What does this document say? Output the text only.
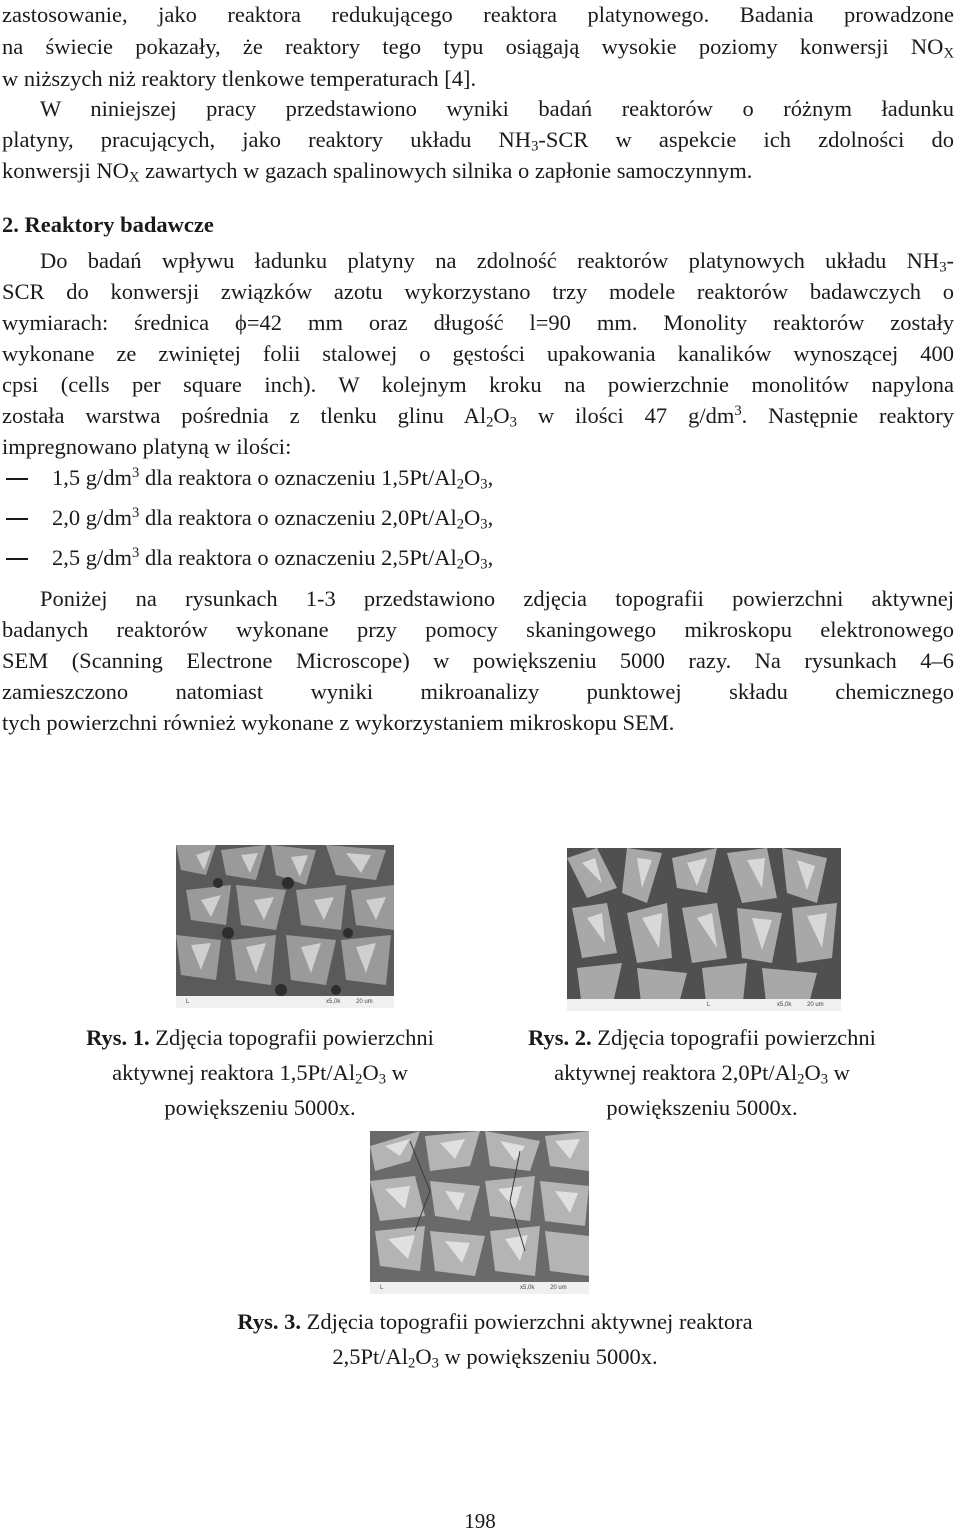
zastosowanie, jako reaktora redukującego reaktora platynowego. Badania prowadzone
na świecie pokazały, że reaktory tego typu osiągają wysokie poziomy konwersji $NO_X$
w niższych niż reaktory tlenkowe temperaturach [4].
W niniejszej pracy przedstawiono wyniki badań reaktorów o różnym ładunku
platyny, pracujących, jako reaktory układu $NH_3$-SCR w aspekcie ich zdolności do
konwersji $NO_X$ zawartych w gazach spalinowych silnika o zapłonie samoczynnym.
2. Reaktory badawcze
Do badań wpływu ładunku platyny na zdolność reaktorów platynowych układu $NH_3-$
SCR do konwersji związków azotu wykorzystano trzy modele reaktorów badawczych o
wymiarach: średnica ϕ=42 mm oraz długość l=90 mm. Monolity reaktorów zostały
wykonane ze zwiniętej folii stalowej o gęstości upakowania kanalików wynoszącej 400
cpsi (cells per square inch). W kolejnym kroku na powierzchnie monolitów napylona
została warstwa pośrednia z tlenku glinu $Al_2O_3$ w ilości 47 $g/dm^3$. Następnie reaktory
impregnowano platyną w ilości:
1,5 $g/dm^3$ dla reaktora o oznaczeniu $1,5Pt/Al_2O_3$,
2,0 $g/dm^3$ dla reaktora o oznaczeniu $2,0Pt/Al_2O_3$,
2,5 $g/dm^3$ dla reaktora o oznaczeniu $2,5Pt/Al_2O_3$,
Poniżej na rysunkach 1-3 przedstawiono zdjęcia topografii powierzchni aktywnej
badanych reaktorów wykonane przy pomocy skaningowego mikroskopu elektronowego
SEM (Scanning Electrone Microscope) w powiększeniu 5000 razy. Na rysunkach 4–6
zamieszczono natomiast wyniki mikroanalizy punktowej składu chemicznego
tych powierzchni również wykonane z wykorzystaniem mikroskopu SEM.
L	x5,0k	20 um	L	x5,0k	20 um
Rys. 1. Zdjęcia topografii powierzchni
aktywnej reaktora $1,5Pt/Al_2O_3$ w
powiększeniu 5000x.
Rys. 2. Zdjęcia topografii powierzchni
aktywnej reaktora $2,0Pt/Al_2O_3$ w
powiększeniu 5000x.
L	x5,0k	20 um
Rys. 3. Zdjęcia topografii powierzchni aktywnej reaktora
$2,5Pt/Al_2O_3$ w powiększeniu 5000x.
198
